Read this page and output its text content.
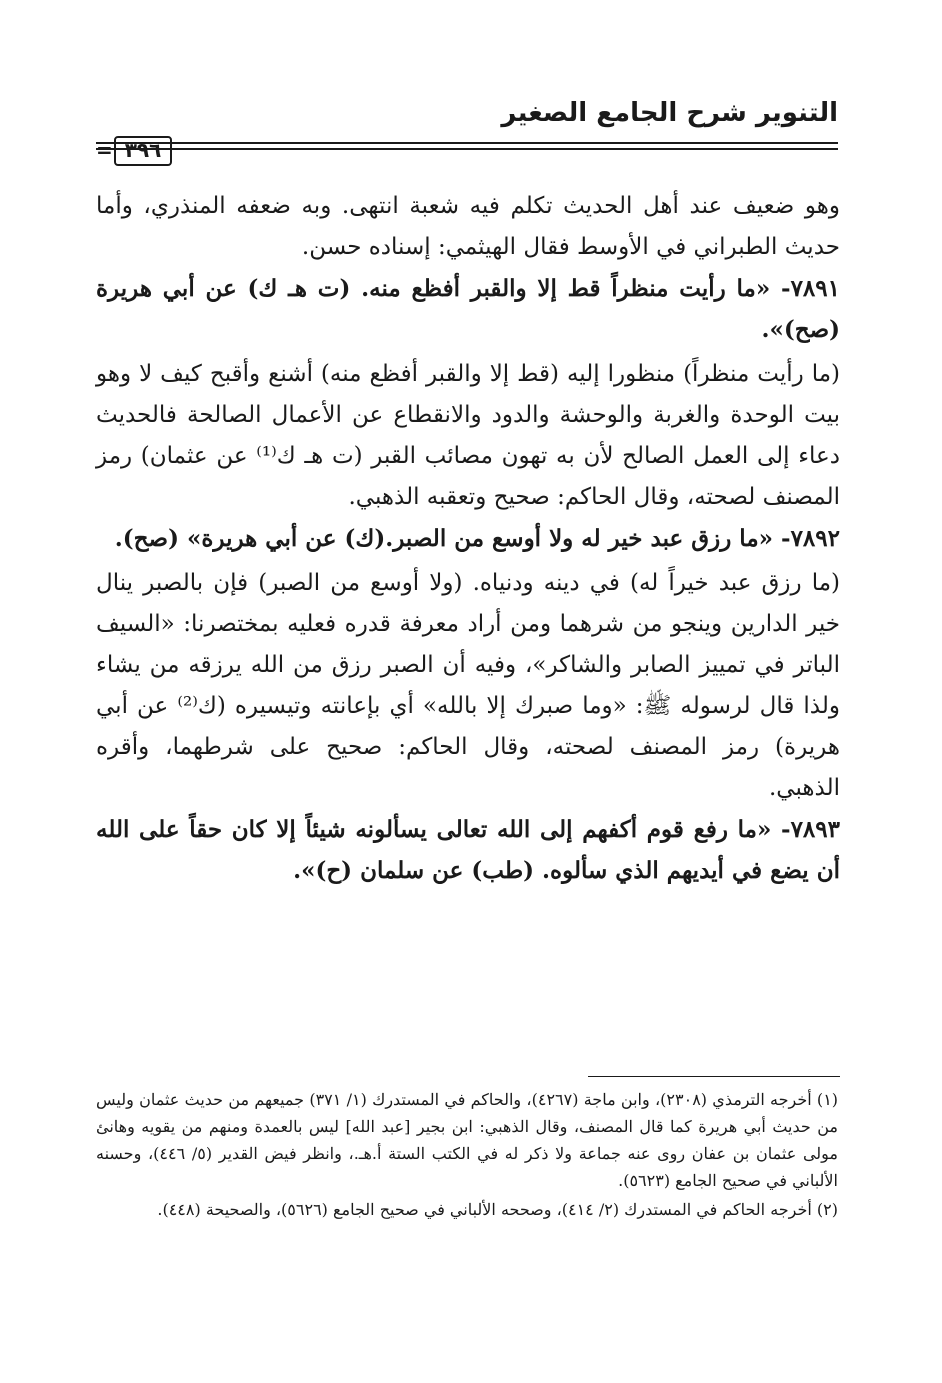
التنوير شرح الجامع الصغير
= ٣٩٦

وهو ضعيف عند أهل الحديث تكلم فيه شعبة انتهى. وبه ضعفه المنذري، وأما حديث الطبراني في الأوسط فقال الهيثمي: إسناده حسن.

٧٨٩١- «ما رأيت منظراً قط إلا والقبر أفظع منه. (ت هـ ك) عن أبي هريرة (صح)».

(ما رأيت منظراً) منظورا إليه (قط إلا والقبر أفظع منه) أشنع وأقبح كيف لا وهو بيت الوحدة والغربة والوحشة والدود والانقطاع عن الأعمال الصالحة فالحديث دعاء إلى العمل الصالح لأن به تهون مصائب القبر (ت هـ ك⁽¹⁾ عن عثمان) رمز المصنف لصحته، وقال الحاكم: صحيح وتعقبه الذهبي.

٧٨٩٢- «ما رزق عبد خير له ولا أوسع من الصبر.(ك) عن أبي هريرة» (صح).

(ما رزق عبد خيراً له) في دينه ودنياه. (ولا أوسع من الصبر) فإن بالصبر ينال خير الدارين وينجو من شرهما ومن أراد معرفة قدره فعليه بمختصرنا: «السيف الباتر في تمييز الصابر والشاكر»، وفيه أن الصبر رزق من الله يرزقه من يشاء ولذا قال لرسوله ﷺ: «وما صبرك إلا بالله» أي بإعانته وتيسيره (ك⁽²⁾ عن أبي هريرة) رمز المصنف لصحته، وقال الحاكم: صحيح على شرطهما، وأقره الذهبي.

٧٨٩٣- «ما رفع قوم أكفهم إلى الله تعالى يسألونه شيئاً إلا كان حقاً على الله أن يضع في أيديهم الذي سألوه. (طب) عن سلمان (ح)».

(١) أخرجه الترمذي (٢٣٠٨)، وابن ماجة (٤٢٦٧)، والحاكم في المستدرك (١/ ٣٧١) جميعهم من حديث عثمان وليس من حديث أبي هريرة كما قال المصنف، وقال الذهبي: ابن بجير [عبد الله] ليس بالعمدة ومنهم من يقويه وهانئ مولى عثمان بن عفان روى عنه جماعة ولا ذكر له في الكتب الستة أ.هـ.، وانظر فيض القدير (٥/ ٤٤٦)، وحسنه الألباني في صحيح الجامع (٥٦٢٣).

(٢) أخرجه الحاكم في المستدرك (٢/ ٤١٤)، وصححه الألباني في صحيح الجامع (٥٦٢٦)، والصحيحة (٤٤٨).
